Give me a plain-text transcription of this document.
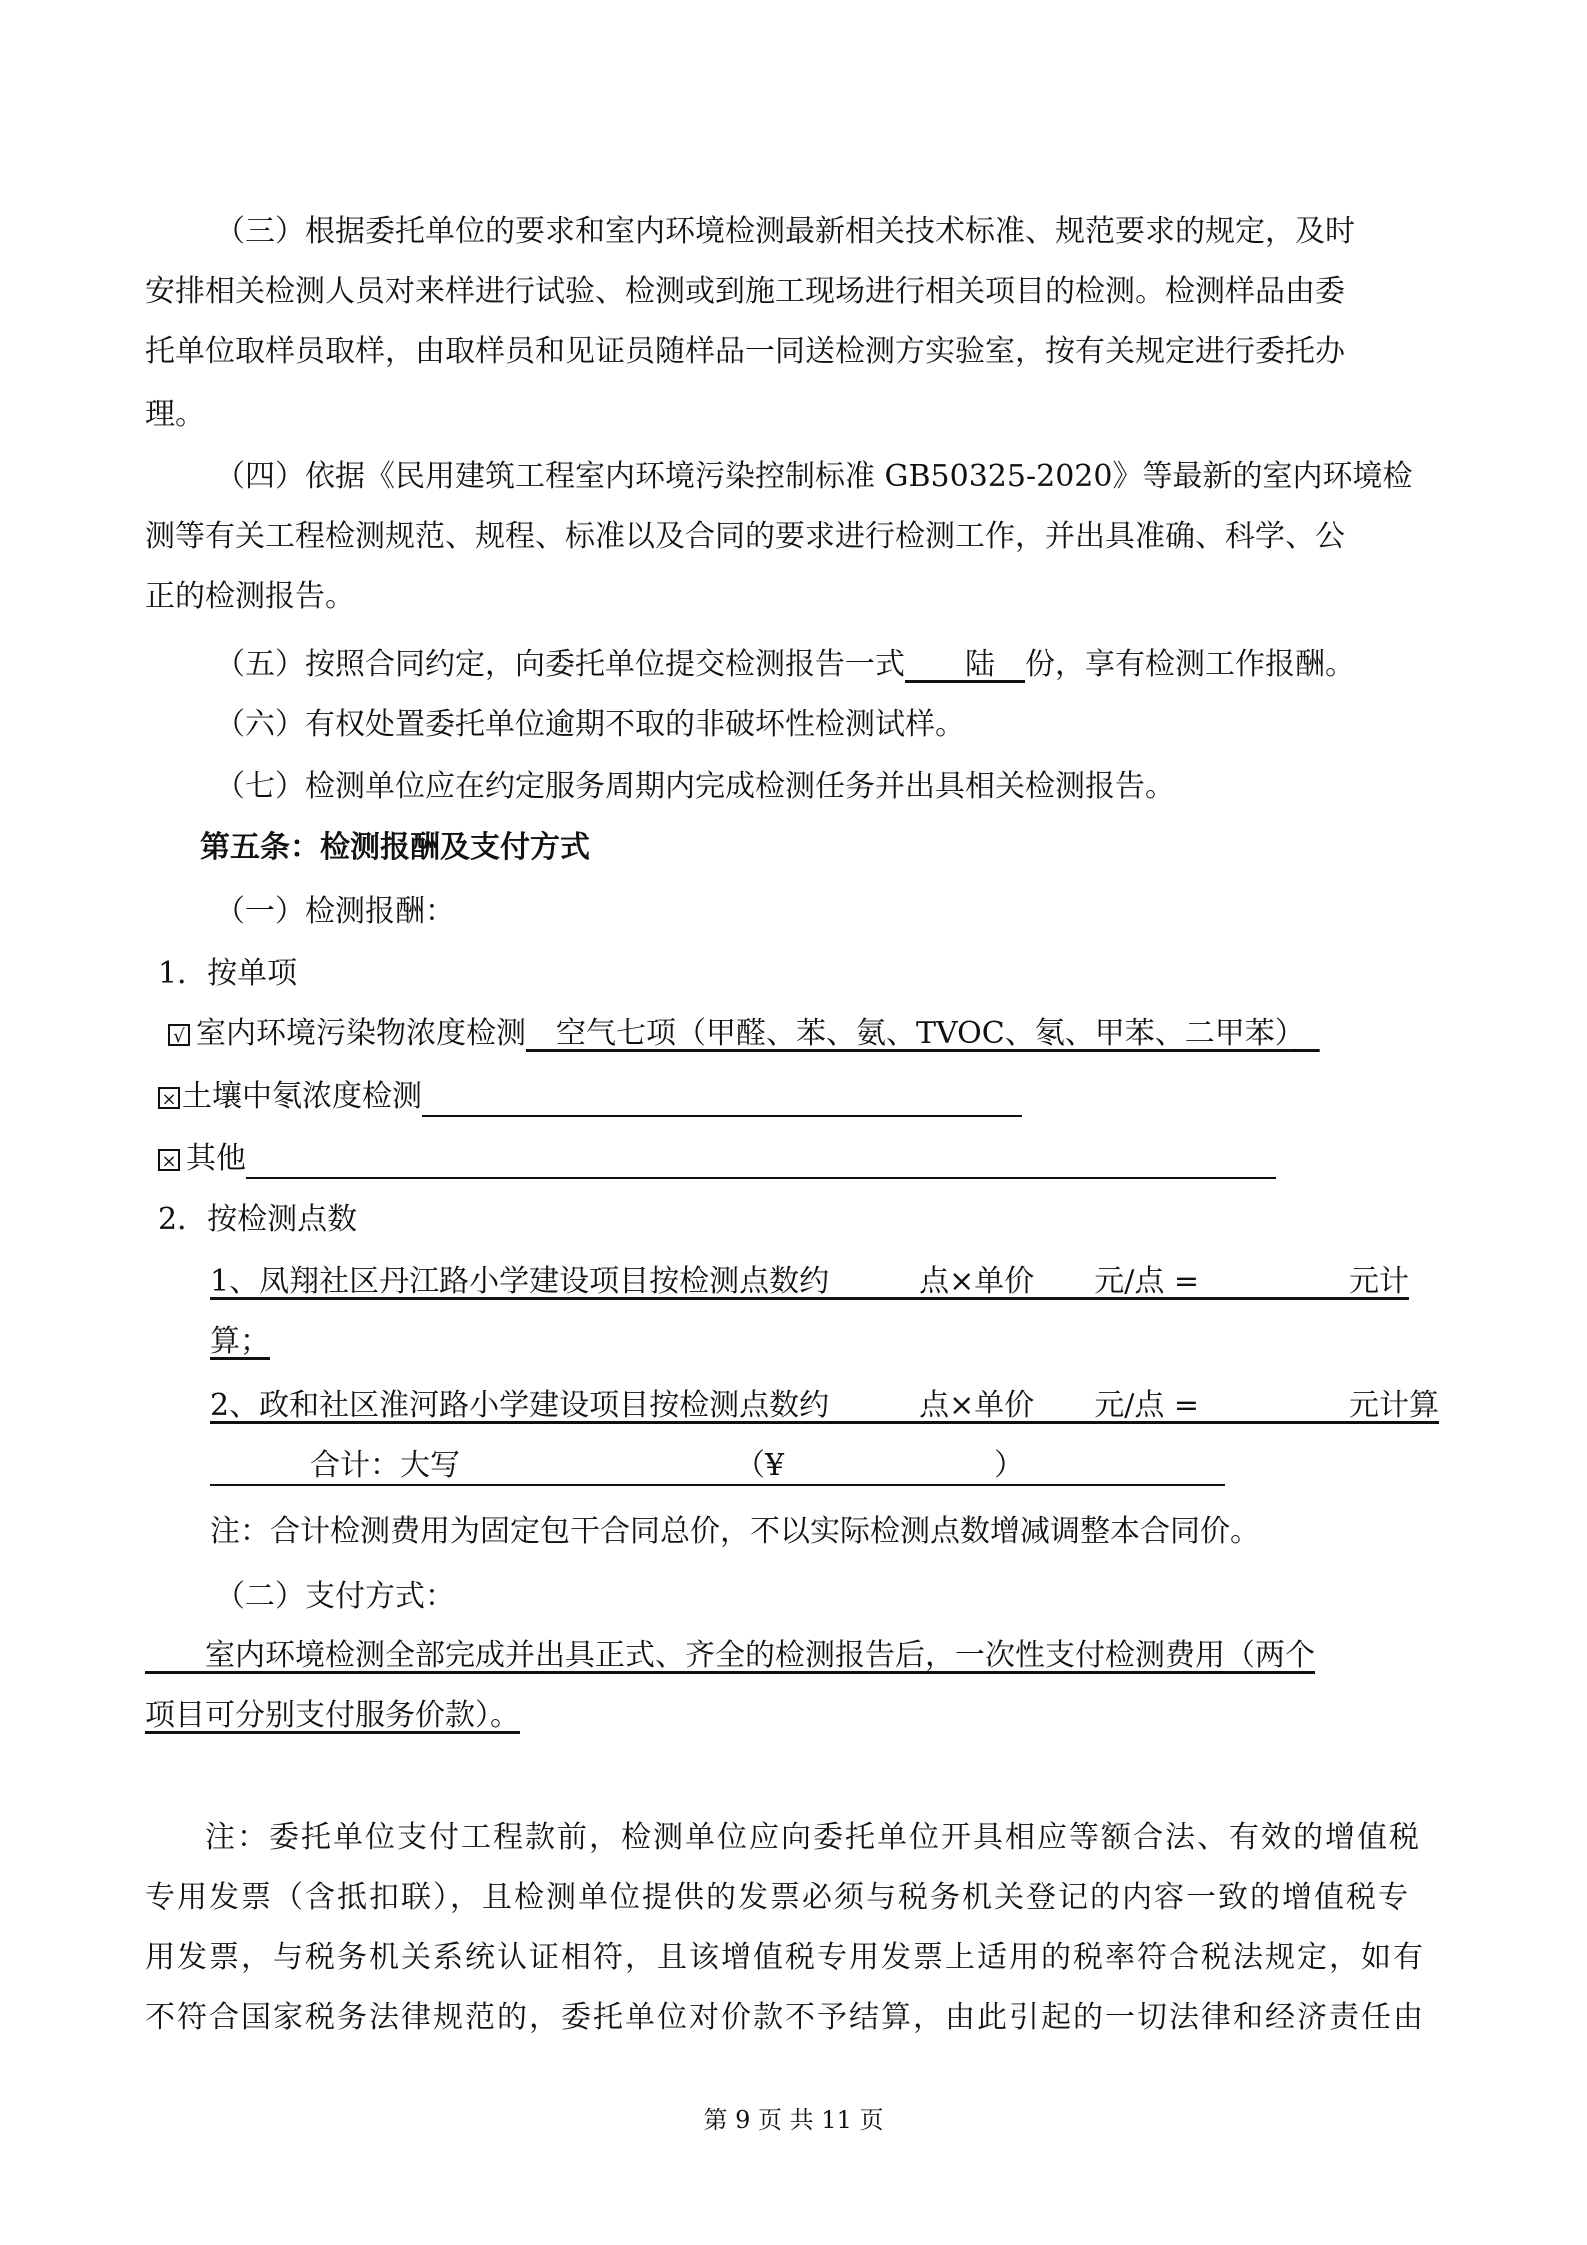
（三）根据委托单位的要求和室内环境检测最新相关技术标准、规范要求的规定，及时
安排相关检测人员对来样进行试验、检测或到施工现场进行相关项目的检测。检测样品由委
托单位取样员取样，由取样员和见证员随样品一同送检测方实验室，按有关规定进行委托办
理。
（四）依据《民用建筑工程室内环境污染控制标准 GB50325-2020》等最新的室内环境检
测等有关工程检测规范、规程、标准以及合同的要求进行检测工作，并出具准确、科学、公
正的检测报告。
（五）按照合同约定，向委托单位提交检测报告一式　　 陆　 份，享有检测工作报酬。
（六）有权处置委托单位逾期不取的非破坏性检测试样。
（七）检测单位应在约定服务周期内完成检测任务并出具相关检测报告。
第五条：检测报酬及支付方式
（一）检测报酬：
1．按单项
√ 室内环境污染物浓度检测　 空气七项（甲醛、苯、氨、TVOC、氡、甲苯、二甲苯）　
× 土壤中氡浓度检测
× 其他
2．按检测点数
1、凤翔社区丹江路小学建设项目按检测点数约　　　点×单价　　元/点 =　　　　　元计
算；
2、政和社区淮河路小学建设项目按检测点数约　　　点×单价　　元/点 =　　　　　元计算
合计：大写	（¥	）
注：合计检测费用为固定包干合同总价，不以实际检测点数增减调整本合同价。
（二）支付方式：
　　室内环境检测全部完成并出具正式、齐全的检测报告后，一次性支付检测费用（两个
项目可分别支付服务价款）。
注：委托单位支付工程款前，检测单位应向委托单位开具相应等额合法、有效的增值税
专用发票（含抵扣联），且检测单位提供的发票必须与税务机关登记的内容一致的增值税专
用发票，与税务机关系统认证相符，且该增值税专用发票上适用的税率符合税法规定，如有
不符合国家税务法律规范的，委托单位对价款不予结算，由此引起的一切法律和经济责任由
第 9 页 共 11 页
